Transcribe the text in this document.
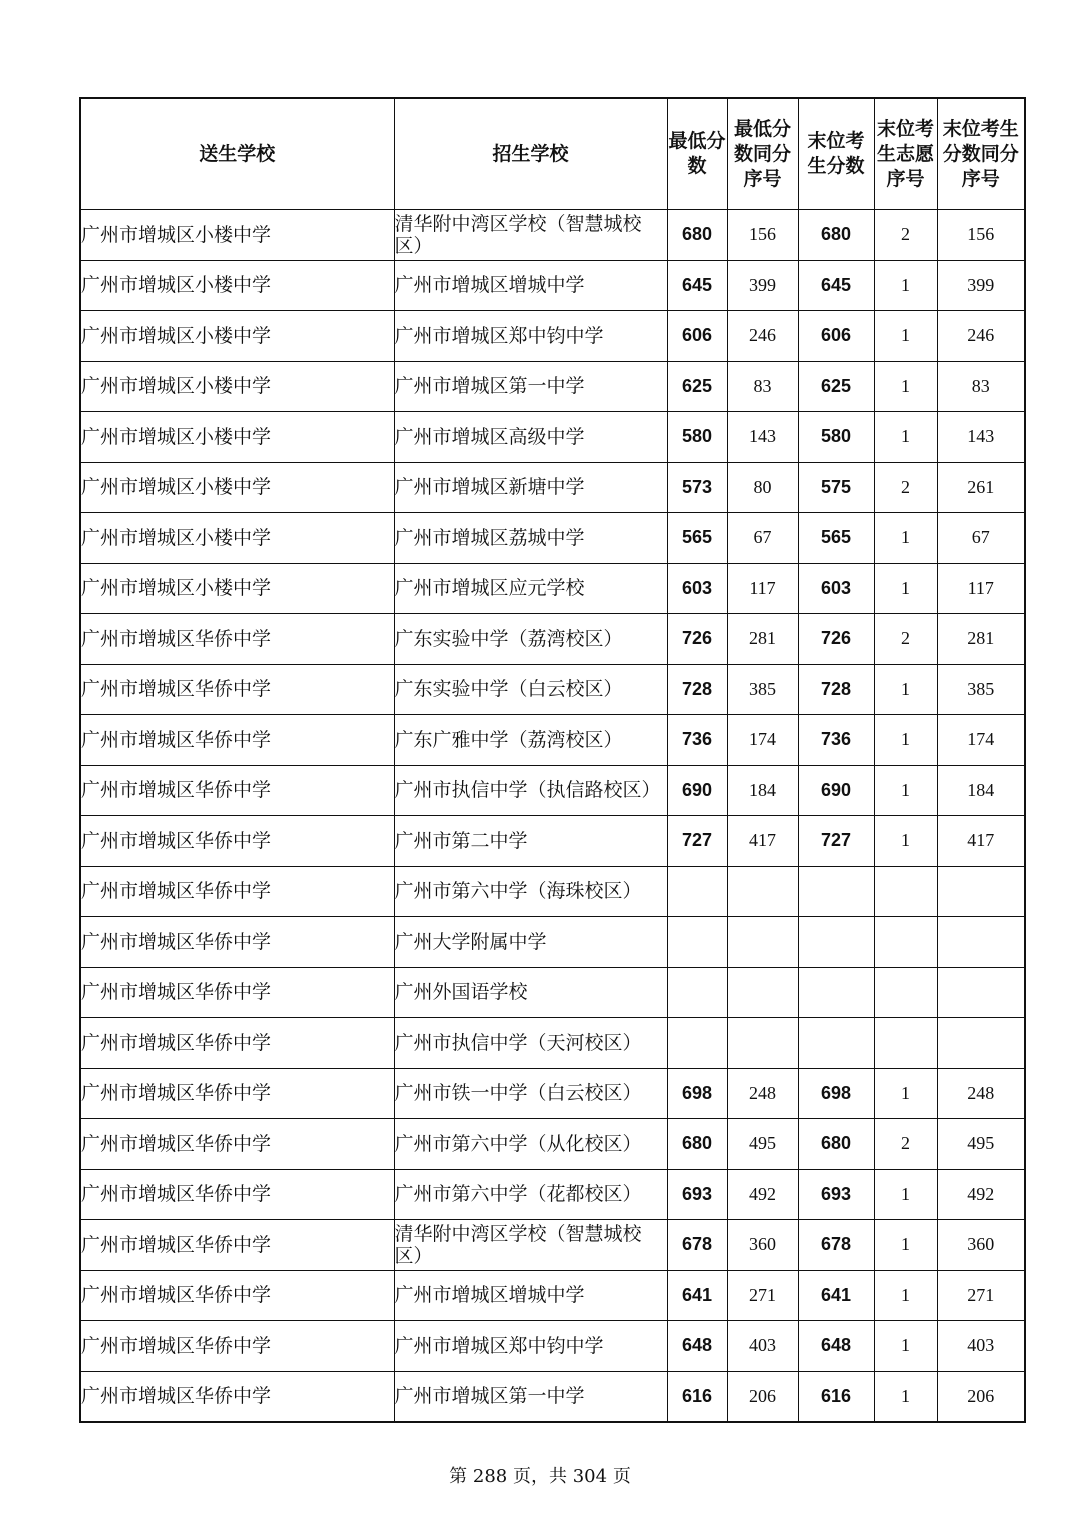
送生学校	招生学校	最低分数	最低分数同分序号	末位考生分数	末位考生志愿序号	末位考生分数同分序号
广州市增城区小楼中学	清华附中湾区学校（智慧城校区）	680	156	680	2	156
广州市增城区小楼中学	广州市增城区增城中学	645	399	645	1	399
广州市增城区小楼中学	广州市增城区郑中钧中学	606	246	606	1	246
广州市增城区小楼中学	广州市增城区第一中学	625	83	625	1	83
广州市增城区小楼中学	广州市增城区高级中学	580	143	580	1	143
广州市增城区小楼中学	广州市增城区新塘中学	573	80	575	2	261
广州市增城区小楼中学	广州市增城区荔城中学	565	67	565	1	67
广州市增城区小楼中学	广州市增城区应元学校	603	117	603	1	117
广州市增城区华侨中学	广东实验中学（荔湾校区）	726	281	726	2	281
广州市增城区华侨中学	广东实验中学（白云校区）	728	385	728	1	385
广州市增城区华侨中学	广东广雅中学（荔湾校区）	736	174	736	1	174
广州市增城区华侨中学	广州市执信中学（执信路校区）	690	184	690	1	184
广州市增城区华侨中学	广州市第二中学	727	417	727	1	417
广州市增城区华侨中学	广州市第六中学（海珠校区）					
广州市增城区华侨中学	广州大学附属中学					
广州市增城区华侨中学	广州外国语学校					
广州市增城区华侨中学	广州市执信中学（天河校区）					
广州市增城区华侨中学	广州市铁一中学（白云校区）	698	248	698	1	248
广州市增城区华侨中学	广州市第六中学（从化校区）	680	495	680	2	495
广州市增城区华侨中学	广州市第六中学（花都校区）	693	492	693	1	492
广州市增城区华侨中学	清华附中湾区学校（智慧城校区）	678	360	678	1	360
广州市增城区华侨中学	广州市增城区增城中学	641	271	641	1	271
广州市增城区华侨中学	广州市增城区郑中钧中学	648	403	648	1	403
广州市增城区华侨中学	广州市增城区第一中学	616	206	616	1	206
第 288 页，共 304 页
